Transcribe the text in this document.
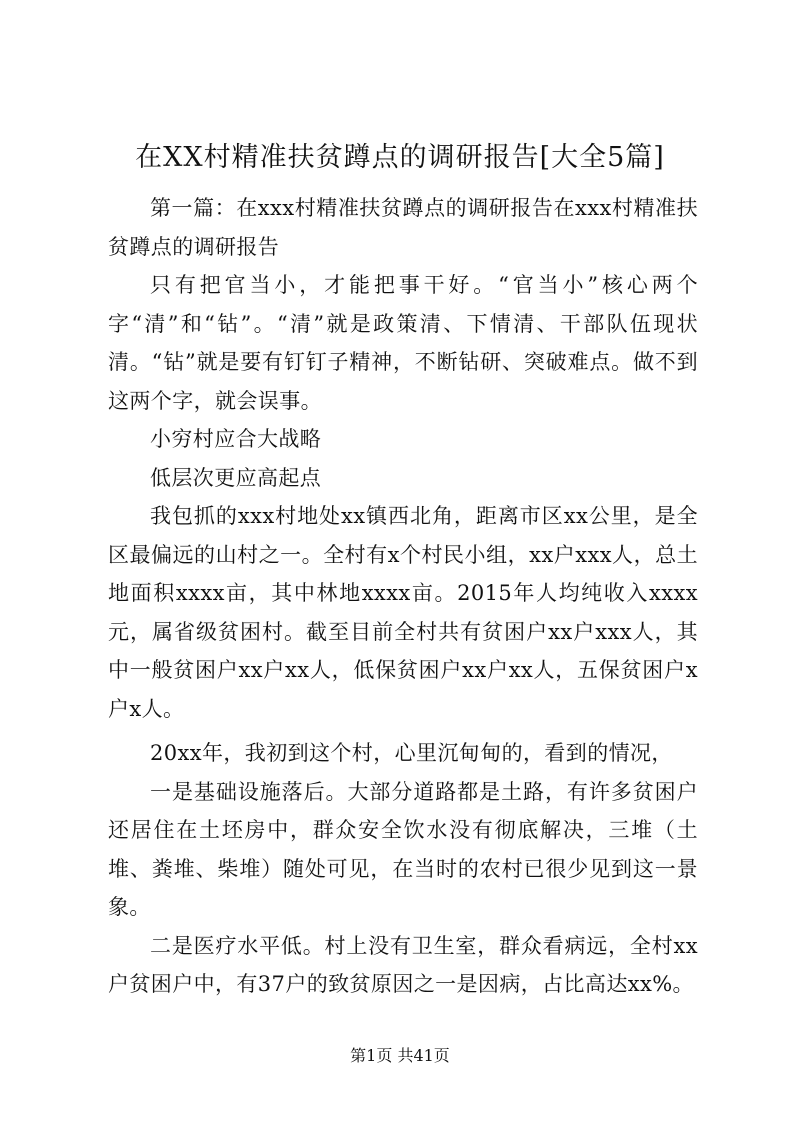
在XX村精准扶贫蹲点的调研报告[大全5篇]

第一篇：在xxx村精准扶贫蹲点的调研报告在xxx村精准扶贫蹲点的调研报告

只有把官当小，才能把事干好。“官当小”核心两个字“清”和“钻”。“清”就是政策清、下情清、干部队伍现状清。“钻”就是要有钉钉子精神，不断钻研、突破难点。做不到这两个字，就会误事。

小穷村应合大战略

低层次更应高起点

我包抓的xxx村地处xx镇西北角，距离市区xx公里，是全区最偏远的山村之一。全村有x个村民小组，xx户xxx人，总土地面积xxxx亩，其中林地xxxx亩。2015年人均纯收入xxxx元，属省级贫困村。截至目前全村共有贫困户xx户xxx人，其中一般贫困户xx户xx人，低保贫困户xx户xx人，五保贫困户x户x人。

20xx年，我初到这个村，心里沉甸甸的，看到的情况，

一是基础设施落后。大部分道路都是土路，有许多贫困户还居住在土坯房中，群众安全饮水没有彻底解决，三堆（土堆、粪堆、柴堆）随处可见，在当时的农村已很少见到这一景象。

二是医疗水平低。村上没有卫生室，群众看病远，全村xx户贫困户中，有37户的致贫原因之一是因病，占比高达xx%。

第1页 共41页
